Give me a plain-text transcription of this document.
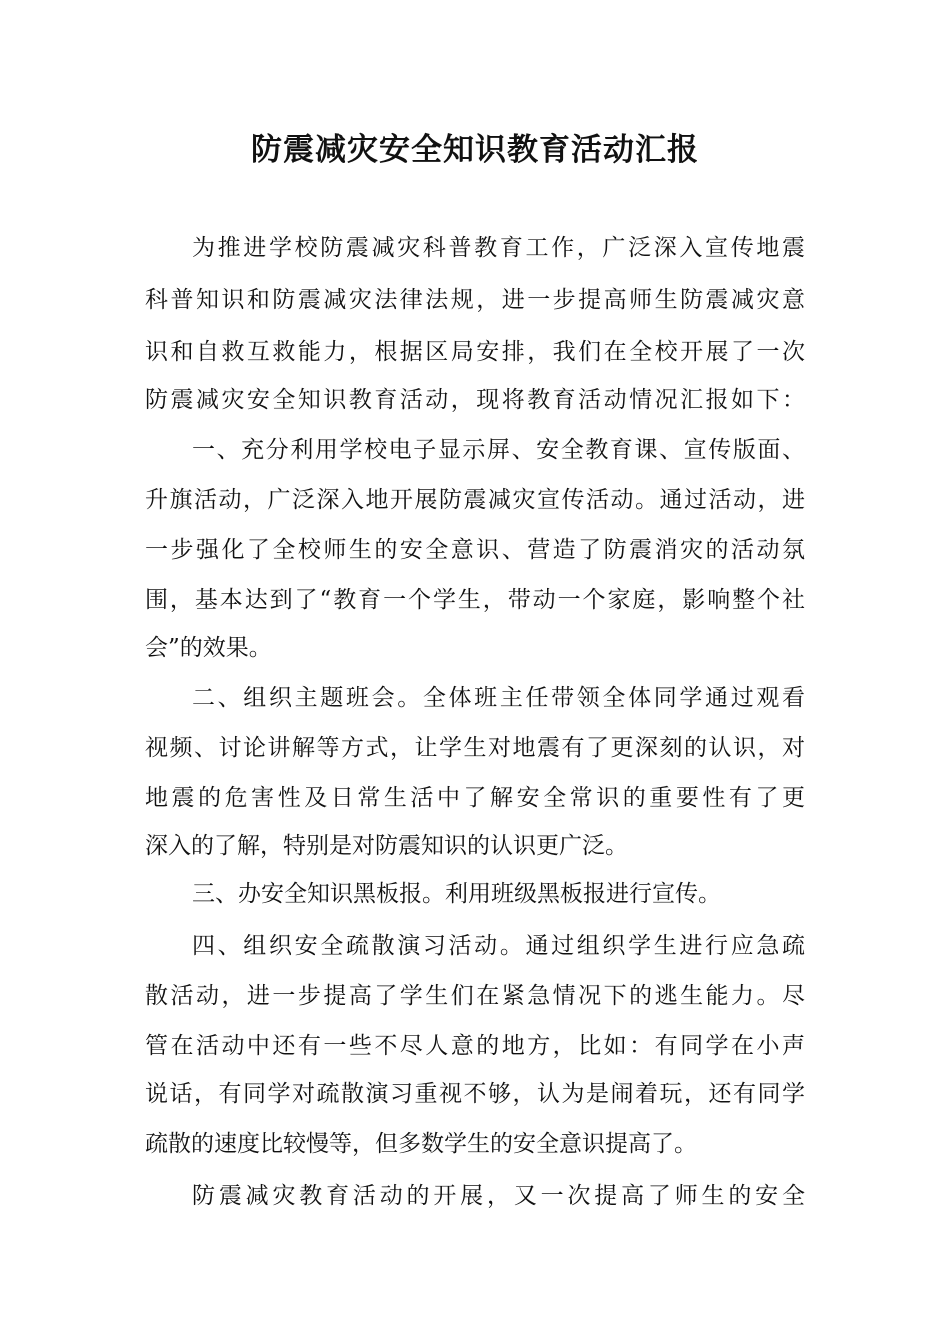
防震减灾安全知识教育活动汇报
为推进学校防震减灾科普教育工作，广泛深入宣传地震
科普知识和防震减灾法律法规，进一步提高师生防震减灾意
识和自救互救能力，根据区局安排，我们在全校开展了一次
防震减灾安全知识教育活动，现将教育活动情况汇报如下：
一、充分利用学校电子显示屏、安全教育课、宣传版面、
升旗活动，广泛深入地开展防震减灾宣传活动。通过活动，进
一步强化了全校师生的安全意识、营造了防震消灾的活动氛
围，基本达到了“教育一个学生，带动一个家庭，影响整个社
会”的效果。
二、组织主题班会。全体班主任带领全体同学通过观看
视频、讨论讲解等方式，让学生对地震有了更深刻的认识，对
地震的危害性及日常生活中了解安全常识的重要性有了更
深入的了解，特别是对防震知识的认识更广泛。
三、办安全知识黑板报。利用班级黑板报进行宣传。
四、组织安全疏散演习活动。通过组织学生进行应急疏
散活动，进一步提高了学生们在紧急情况下的逃生能力。尽
管在活动中还有一些不尽人意的地方，比如：有同学在小声
说话，有同学对疏散演习重视不够，认为是闹着玩，还有同学
疏散的速度比较慢等，但多数学生的安全意识提高了。
防震减灾教育活动的开展，又一次提高了师生的安全
